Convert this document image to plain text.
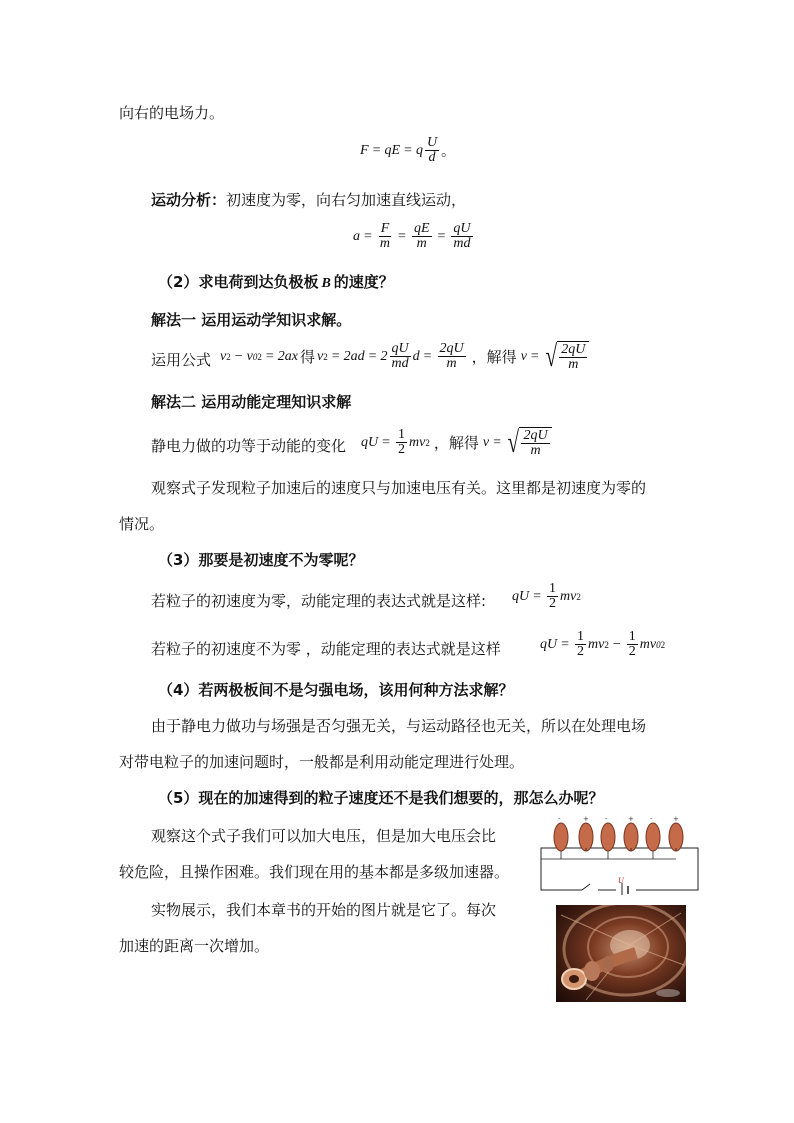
向右的电场力。
F = qE = q $\frac{U}{d}$ 。
运动分析：初速度为零，向右匀加速直线运动，
$a = \frac{F}{m} = \frac{qE}{m} = \frac{qU}{md}$
（2）求电荷到达负极板 B 的速度？
解法一 运用运动学知识求解。
运用公式 v 2 − v 0 2 = 2ax 得 v $2 = 2ad = 2 \frac{qU}{md}$ $d = \frac{2qU}{m}$ ，解得 v = √ $\frac{2qU}{m}$
解法二 运用动能定理知识求解
静电力做的功等于动能的变化 qU = $\frac{1}{2}$ mv 2 ，解得 v = √ $\frac{2qU}{m}$
观察式子发现粒子加速后的速度只与加速电压有关。这里都是初速度为零的
情况。
（3）那要是初速度不为零呢？
若粒子的初速度为零，动能定理的表达式就是这样: qU = $\frac{1}{2}$ mv 2
若粒子的初速度不为零 ，动能定理的表达式就是这样	qU = $\frac{1}{2}$ mv $2 - \frac{1}{2}$ mv 0 2
（4）若两极板间不是匀强电场，该用何种方法求解？
由于静电力做功与场强是否匀强无关，与运动路径也无关，所以在处理电场
对带电粒子的加速问题时，一般都是利用动能定理进行处理。
（5）现在的加速得到的粒子速度还不是我们想要的，那怎么办呢？
观察这个式子我们可以加大电压，但是加大电压会比
较危险，且操作困难。我们现在用的基本都是多级加速器。
实物展示，我们本章书的开始的图片就是它了。每次
加速的距离一次增加。
U
-	+ -	+ -	+
